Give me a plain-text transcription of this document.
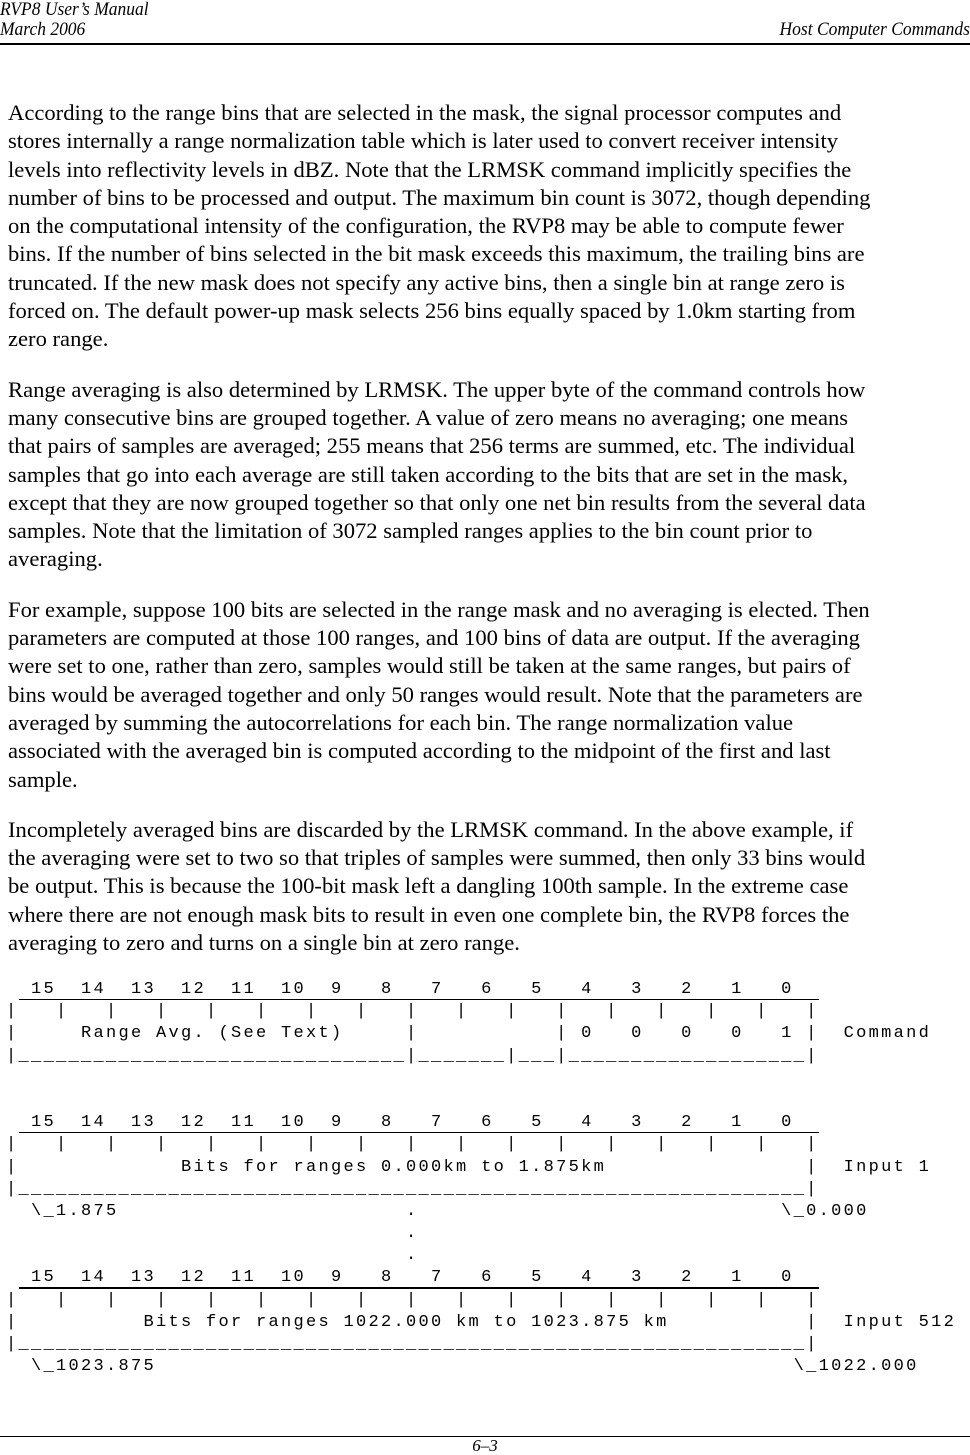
RVP8 User’s Manual
March 2006	Host Computer Commands
According to the range bins that are selected in the mask, the signal processor computes and
stores internally a range normalization table which is later used to convert receiver intensity
levels into reflectivity levels in dBZ. Note that the LRMSK command implicitly specifies the
number of bins to be processed and output. The maximum bin count is 3072, though depending
on the computational intensity of the configuration, the RVP8 may be able to compute fewer
bins. If the number of bins selected in the bit mask exceeds this maximum, the trailing bins are
truncated. If the new mask does not specify any active bins, then a single bin at range zero is
forced on. The default power-up mask selects 256 bins equally spaced by 1.0km starting from
zero range.
Range averaging is also determined by LRMSK. The upper byte of the command controls how
many consecutive bins are grouped together. A value of zero means no averaging; one means
that pairs of samples are averaged; 255 means that 256 terms are summed, etc. The individual
samples that go into each average are still taken according to the bits that are set in the mask,
except that they are now grouped together so that only one net bin results from the several data
samples. Note that the limitation of 3072 sampled ranges applies to the bin count prior to
averaging.
For example, suppose 100 bits are selected in the range mask and no averaging is elected. Then
parameters are computed at those 100 ranges, and 100 bins of data are output. If the averaging
were set to one, rather than zero, samples would still be taken at the same ranges, but pairs of
bins would be averaged together and only 50 ranges would result. Note that the parameters are
averaged by summing the autocorrelations for each bin. The range normalization value
associated with the averaged bin is computed according to the midpoint of the first and last
sample.
Incompletely averaged bins are discarded by the LRMSK command. In the above example, if
the averaging were set to two so that triples of samples were summed, then only 33 bins would
be output. This is because the 100-bit mask left a dangling 100th sample. In the extreme case
where there are not enough mask bits to result in even one complete bin, the RVP8 forces the
averaging to zero and turns on a single bin at zero range.
15  14  13  12  11  10  9   8   7   6   5   4   3   2   1   0
|   |   |   |   |   |   |   |   |   |   |   |   |   |   |   |   |
|     Range Avg. (See Text)     |           | 0   0   0   0   1 |  Command
|_______________________________|_______|___|___________________|
15  14  13  12  11  10  9   8   7   6   5   4   3   2   1   0
|   |   |   |   |   |   |   |   |   |   |   |   |   |   |   |   |
|             Bits for ranges 0.000km to 1.875km                |  Input 1
|_______________________________________________________________|
\_1.875                       .                             \_0.000
.
.
15  14  13  12  11  10  9   8   7   6   5   4   3   2   1   0
|   |   |   |   |   |   |   |   |   |   |   |   |   |   |   |   |
|          Bits for ranges 1022.000 km to 1023.875 km           |  Input 512
|_______________________________________________________________|
\_1023.875                                                   \_1022.000
6–3
